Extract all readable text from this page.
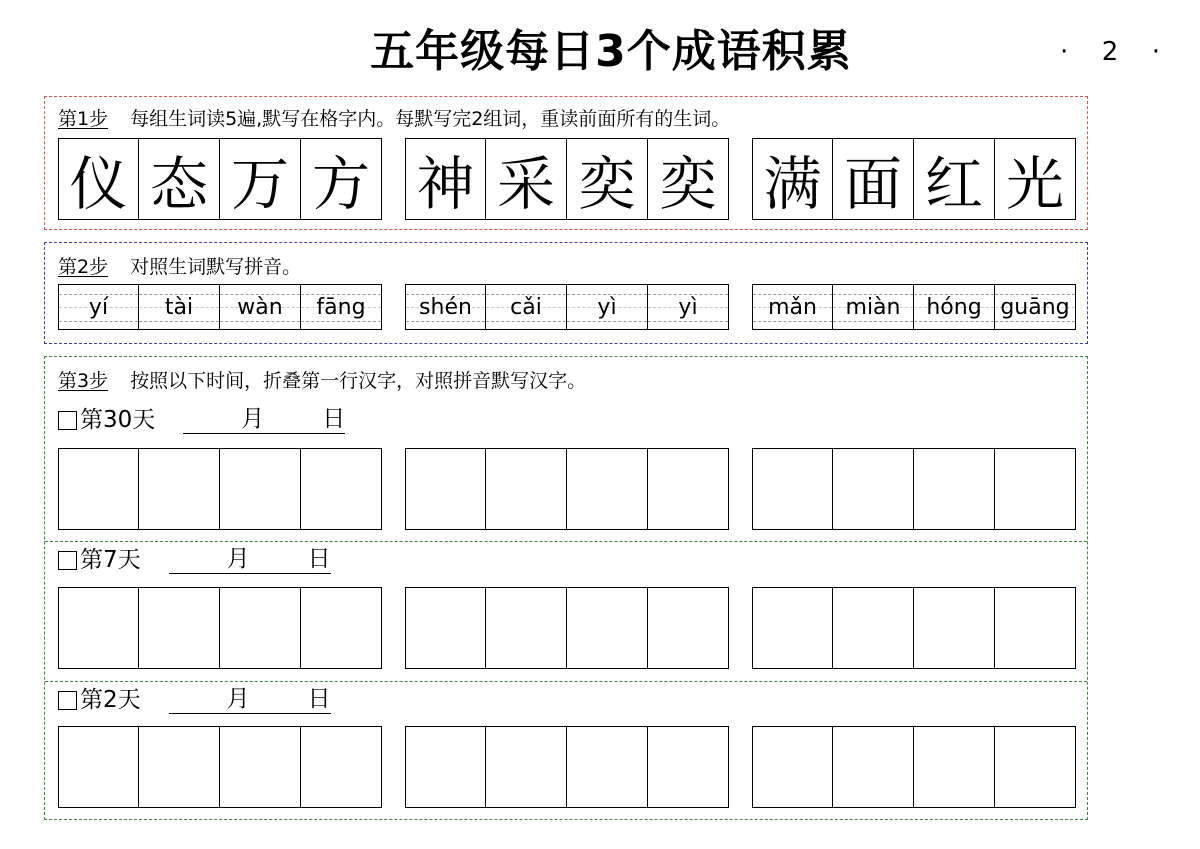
五年级每日3个成语积累	· 2 ·
第1步 每组生词读5遍,默写在格字内。每默写完2组词，重读前面所有的生词。
仪 态 万 方 神 采 奕 奕 满 面 红 光
第2步 对照生词默写拼音。
yí	tài	wàn	fāng	shén	cǎi	yì	yì	mǎn	miàn	hóng guāng
第3步 按照以下时间，折叠第一行汉字，对照拼音默写汉字。
第30天	月	日
第7天	月	日
第2天	月	日
